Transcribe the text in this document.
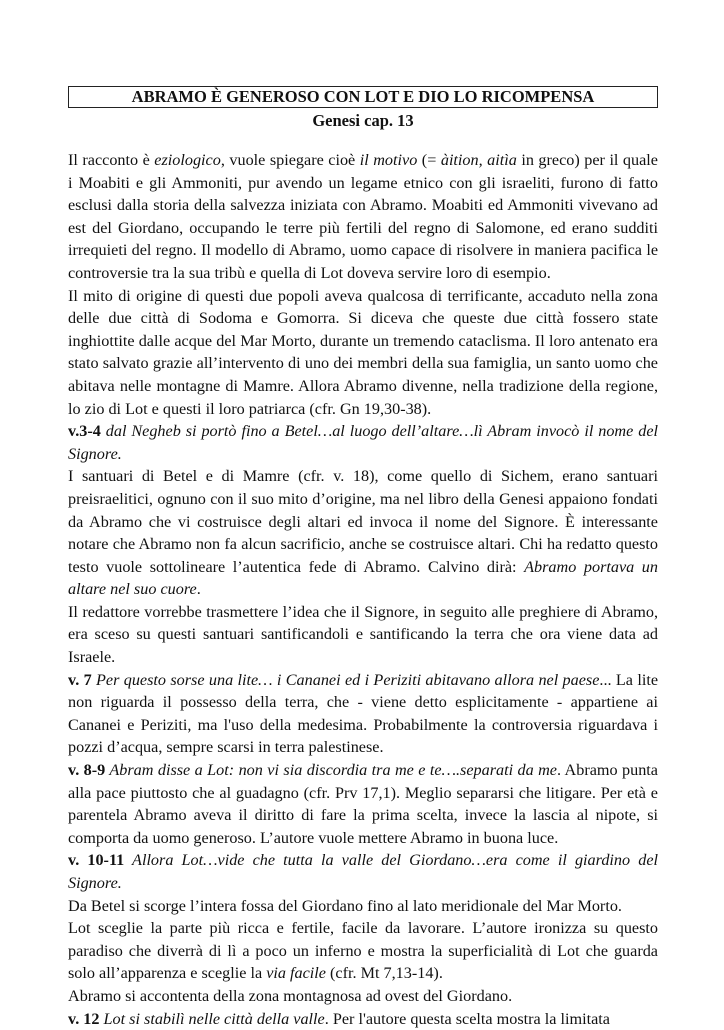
ABRAMO È GENEROSO CON LOT E DIO LO RICOMPENSA
Genesi cap. 13

Il racconto è eziologico, vuole spiegare cioè il motivo (= àition, aitìa in greco) per il quale i Moabiti e gli Ammoniti, pur avendo un legame etnico con gli israeliti, furono di fatto esclusi dalla storia della salvezza iniziata con Abramo. Moabiti ed Ammoniti vivevano ad est del Giordano, occupando le terre più fertili del regno di Salomone, ed erano sudditi irrequieti del regno. Il modello di Abramo, uomo capace di risolvere in maniera pacifica le controversie tra la sua tribù e quella di Lot doveva servire loro di esempio.

Il mito di origine di questi due popoli aveva qualcosa di terrificante, accaduto nella zona delle due città di Sodoma e Gomorra. Si diceva che queste due città fossero state inghiottite dalle acque del Mar Morto, durante un tremendo cataclisma. Il loro antenato era stato salvato grazie all’intervento di uno dei membri della sua famiglia, un santo uomo che abitava nelle montagne di Mamre. Allora Abramo divenne, nella tradizione della regione, lo zio di Lot e questi il loro patriarca (cfr. Gn 19,30-38).

v.3-4 dal Negheb si portò fino a Betel…al luogo dell’altare…lì Abram invocò il nome del Signore.

I santuari di Betel e di Mamre (cfr. v. 18), come quello di Sichem, erano santuari preisraelitici, ognuno con il suo mito d’origine, ma nel libro della Genesi appaiono fondati da Abramo che vi costruisce degli altari ed invoca il nome del Signore. È interessante notare che Abramo non fa alcun sacrificio, anche se costruisce altari. Chi ha redatto questo testo vuole sottolineare l’autentica fede di Abramo. Calvino dirà: Abramo portava un altare nel suo cuore.

Il redattore vorrebbe trasmettere l’idea che il Signore, in seguito alle preghiere di Abramo, era sceso su questi santuari santificandoli e santificando la terra che ora viene data ad Israele.

v. 7 Per questo sorse una lite… i Cananei ed i Periziti abitavano allora nel paese... La lite non riguarda il possesso della terra, che - viene detto esplicitamente - appartiene ai Cananei e Periziti, ma l'uso della medesima. Probabilmente la controversia riguardava i pozzi d’acqua, sempre scarsi in terra palestinese.

v. 8-9 Abram disse a Lot: non vi sia discordia tra me e te….separati da me. Abramo punta alla pace piuttosto che al guadagno (cfr. Prv 17,1). Meglio separarsi che litigare. Per età e parentela Abramo aveva il diritto di fare la prima scelta, invece la lascia al nipote, si comporta da uomo generoso. L’autore vuole mettere Abramo in buona luce.

v. 10-11 Allora Lot…vide che tutta la valle del Giordano…era come il giardino del Signore.

Da Betel si scorge l’intera fossa del Giordano fino al lato meridionale del Mar Morto.

Lot sceglie la parte più ricca e fertile, facile da lavorare. L’autore ironizza su questo paradiso che diverrà di lì a poco un inferno e mostra la superficialità di Lot che guarda solo all’apparenza e sceglie la via facile (cfr. Mt 7,13-14).

Abramo si accontenta della zona montagnosa ad ovest del Giordano.

v. 12 Lot si stabilì nelle città della valle. Per l'autore questa scelta mostra la limitata
